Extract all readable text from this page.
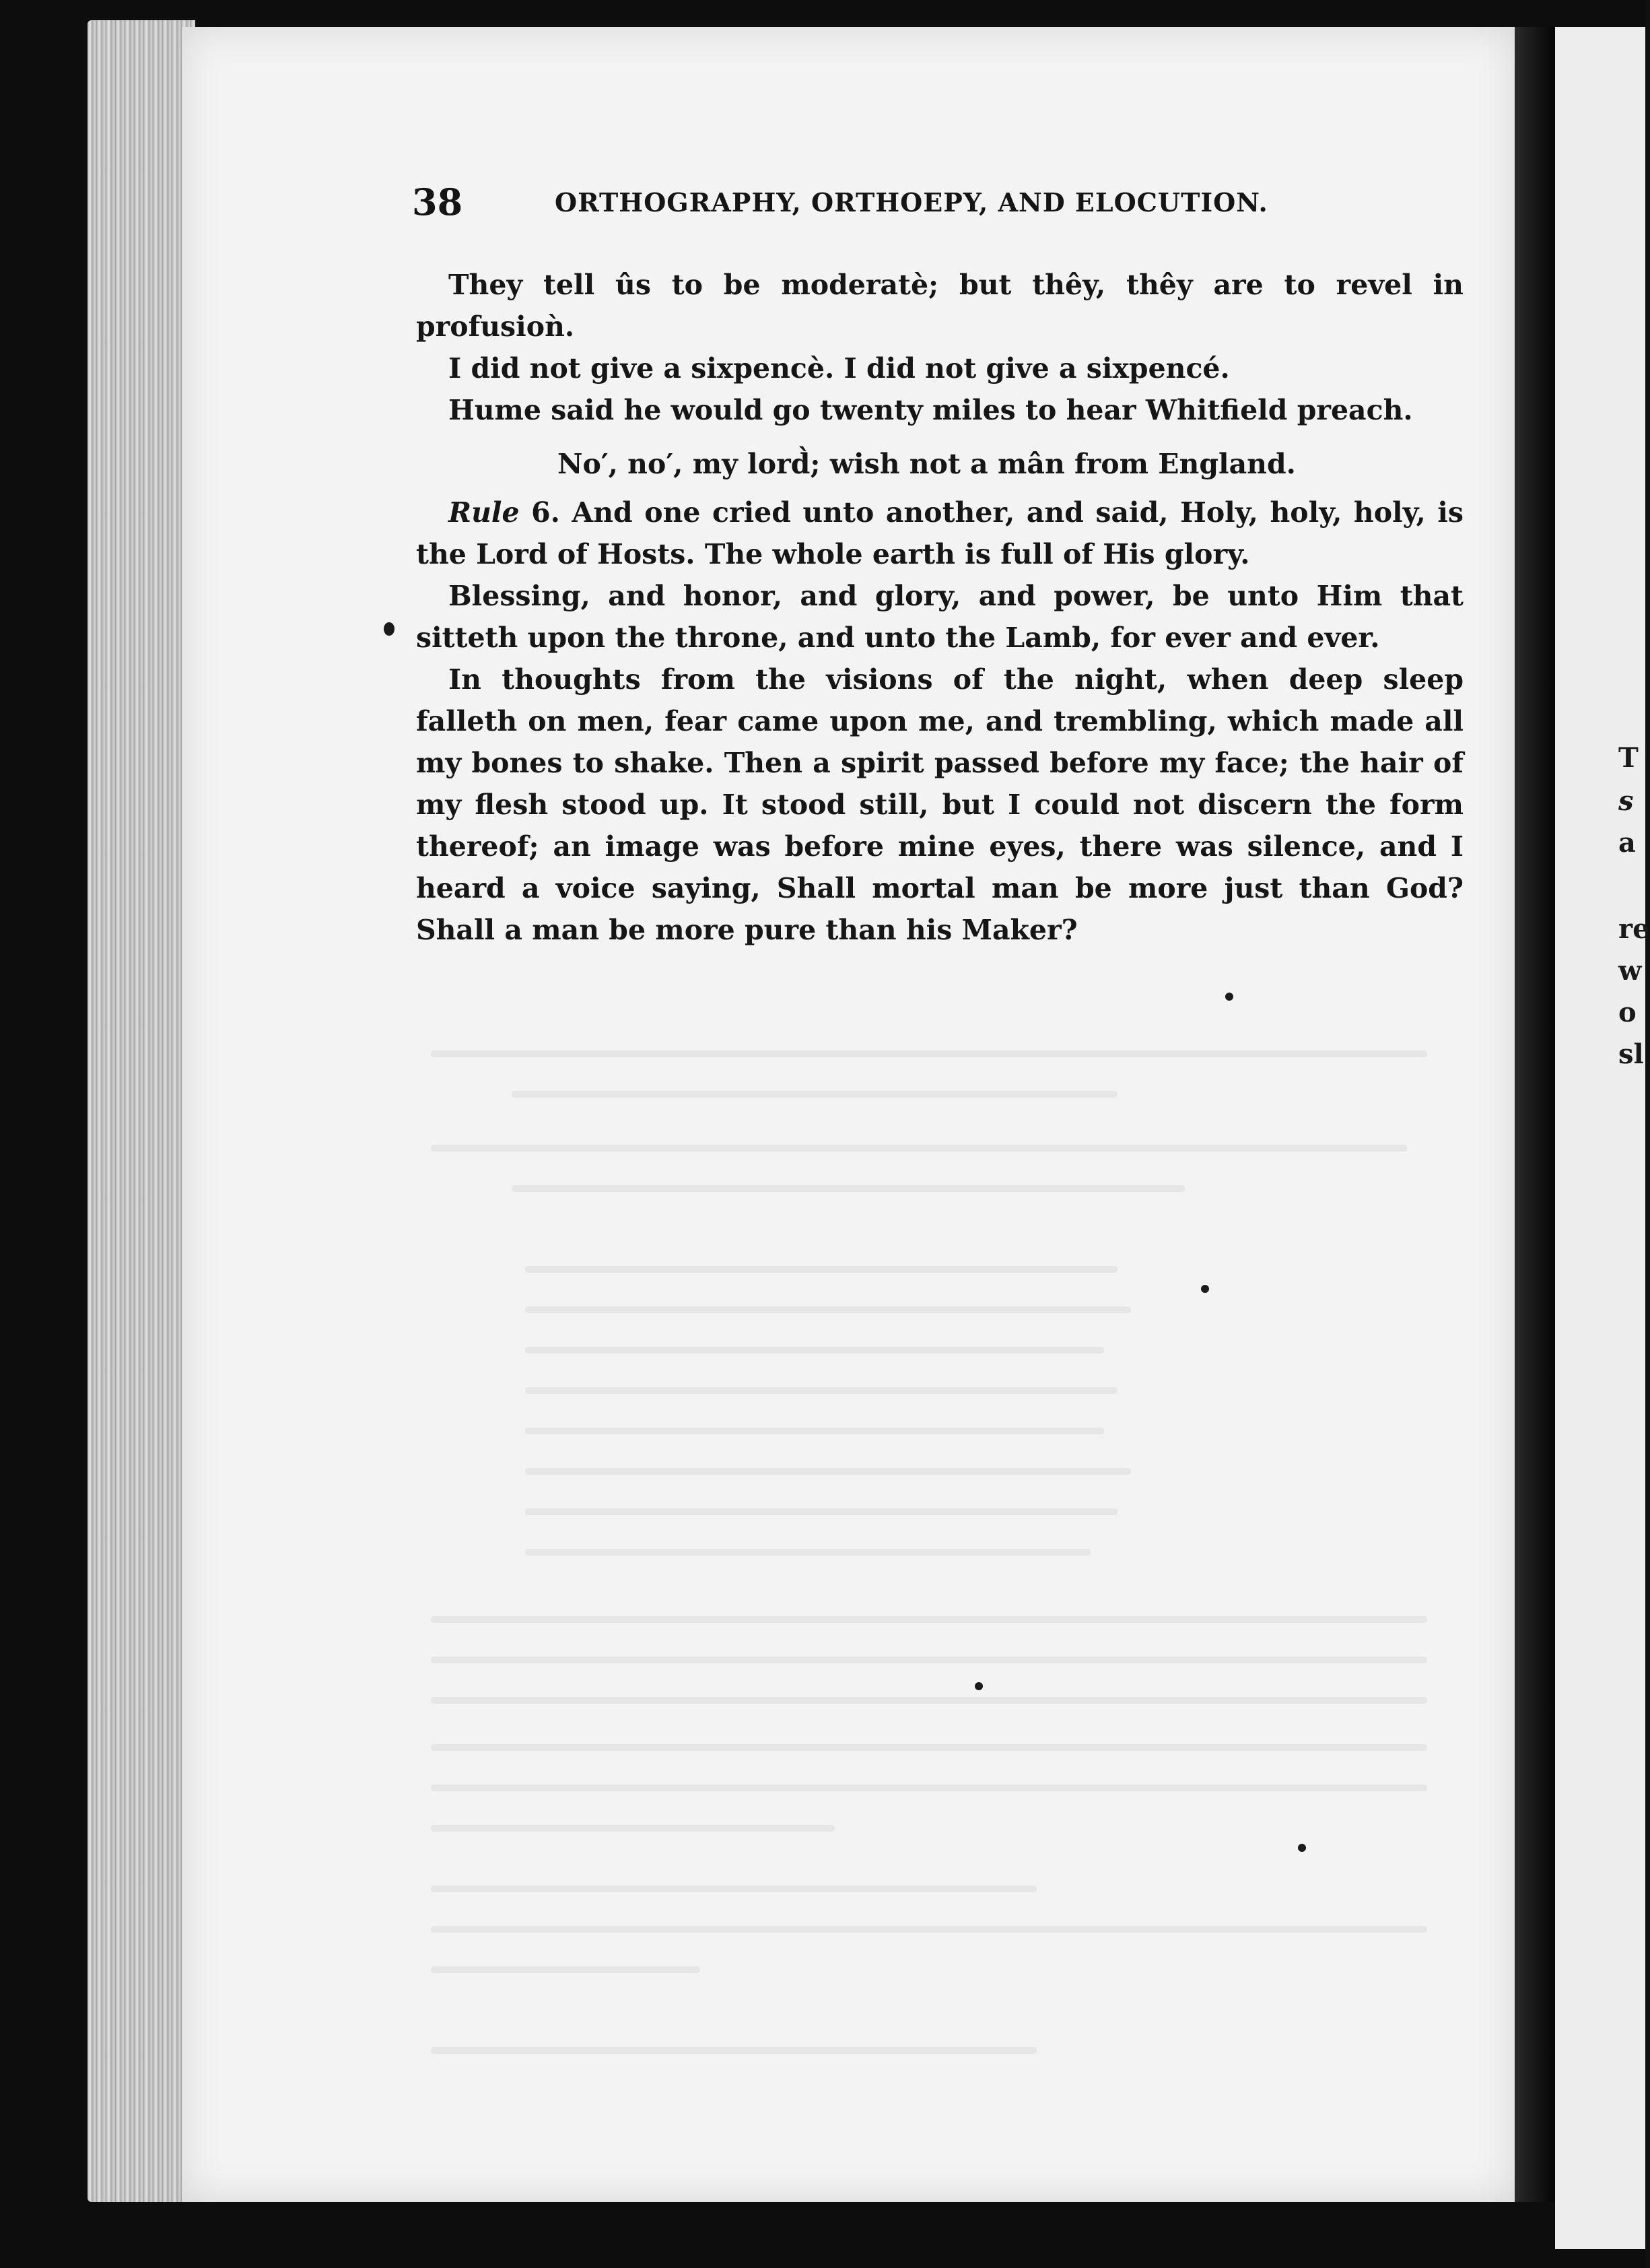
T
s
a
re
w
o
sl
38	ORTHOGRAPHY, ORTHOEPY, AND ELOCUTION.

They tell ûs to be moderatè; but thêy, thêy are to revel in profusioǹ.

I did not give a sixpencè. I did not give a sixpencé.

Hume said he would go twenty miles to hear Whitfield preach.

No′, no′, my lord̀; wish not a mân from England.

Rule 6. And one cried unto another, and said, Holy, holy, holy, is the Lord of Hosts. The whole earth is full of His glory.

Blessing, and honor, and glory, and power, be unto Him that sitteth upon the throne, and unto the Lamb, for ever and ever.

In thoughts from the visions of the night, when deep sleep falleth on men, fear came upon me, and trembling, which made all my bones to shake. Then a spirit passed before my face; the hair of my flesh stood up. It stood still, but I could not discern the form thereof; an image was before mine eyes, there was silence, and I heard a voice saying, Shall mortal man be more just than God? Shall a man be more pure than his Maker?
